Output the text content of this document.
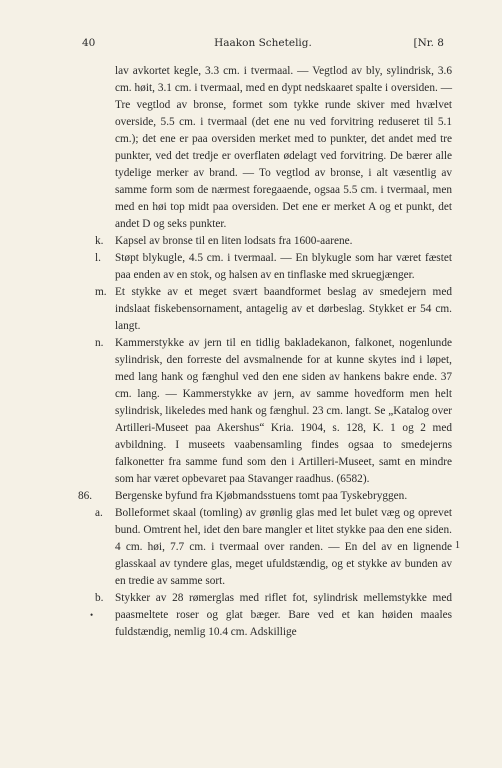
40	Haakon Schetelig.	[Nr. 8

lav avkortet kegle, 3.3 cm. i tvermaal. — Vegtlod av bly, sylindrisk, 3.6 cm. høit, 3.1 cm. i tvermaal, med en dypt nedskaaret spalte i oversiden. — Tre vegtlod av bronse, formet som tykke runde skiver med hvælvet overside, 5.5 cm. i tvermaal (det ene nu ved forvitring reduseret til 5.1 cm.); det ene er paa oversiden merket med to punkter, det andet med tre punkter, ved det tredje er overflaten ødelagt ved forvitring. De bærer alle tydelige merker av brand. — To vegtlod av bronse, i alt væsentlig av samme form som de nærmest foregaaende, ogsaa 5.5 cm. i tvermaal, men med en høi top midt paa oversiden. Det ene er merket A og et punkt, det andet D og seks punkter.

k. Kapsel av bronse til en liten lodsats fra 1600-aarene.

l. Støpt blykugle, 4.5 cm. i tvermaal. — En blykugle som har været fæstet paa enden av en stok, og halsen av en tinflaske med skruegjænger.

m. Et stykke av et meget svært baandformet beslag av smedejern med indslaat fiskebensornament, antagelig av et dørbeslag. Stykket er 54 cm. langt.

n.
•

Kammerstykke av jern til en tidlig bakladekanon, falkonet, nogenlunde sylindrisk, den forreste del avsmalnende for at kunne skytes ind i løpet, med lang hank og fænghul ved den ene siden av hankens bakre ende. 37 cm. lang. — Kammerstykke av jern, av samme hovedform men helt sylindrisk, likeledes med hank og fænghul. 23 cm. langt. Se „Katalog over Artilleri-Museet paa Akershus“ Kria. 1904, s. 128, K. 1 og 2 med avbildning. I museets vaabensamling findes ogsaa to smedejerns falkonetter fra samme fund som den i Artilleri-Museet, samt en mindre som har været opbevaret paa Stavanger raadhus. (6582).

86. Bergenske byfund fra Kjøbmandsstuens tomt paa Tyskebryggen.

a.
1

Bolleformet skaal (tomling) av grønlig glas med let bulet væg og oprevet bund. Omtrent hel, idet den bare mangler et litet stykke paa den ene siden. 4 cm. høi, 7.7 cm. i tvermaal over randen. — En del av en lignende glasskaal av tyndere glas, meget ufuldstændig, og et stykke av bunden av en tredie av samme sort.

b. Stykker av 28 rømerglas med riflet fot, sylindrisk mellemstykke med paasmeltete roser og glat bæger. Bare ved et kan høiden maales fuldstændig, nemlig 10.4 cm. Adskillige
